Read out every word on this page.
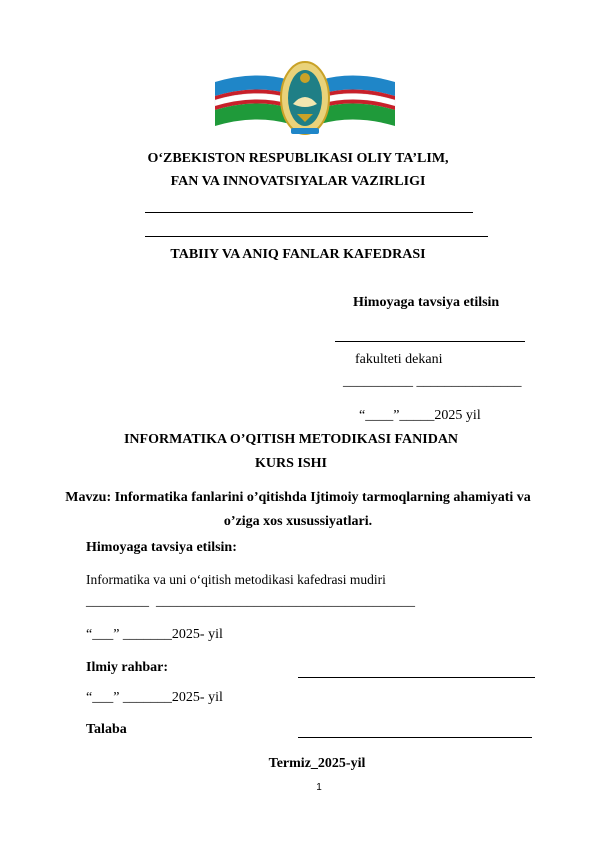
O‘ZBEKISTON RESPUBLIKASI OLIY TA’LIM,
FAN VA INNOVATSIYALAR VAZIRLIGI
TABIIY VA ANIQ FANLAR KAFEDRASI
Himoyaga tavsiya etilsin
fakulteti dekani
__________ _______________
“____”_____2025 yil
INFORMATIKA O’QITISH METODIKASI FANIDAN
KURS ISHI
Mavzu: Informatika fanlarini o’qitishda Ijtimoiy tarmoqlarning ahamiyati va
o’ziga xos xusussiyatlari.
Himoyaga tavsiya etilsin:
Informatika va uni o‘qitish metodikasi kafedrasi mudiri
_________  _____________________________________
“___” _______2025- yil
Ilmiy rahbar:
“___” _______2025- yil
Talaba
Termiz_2025-yil
1
